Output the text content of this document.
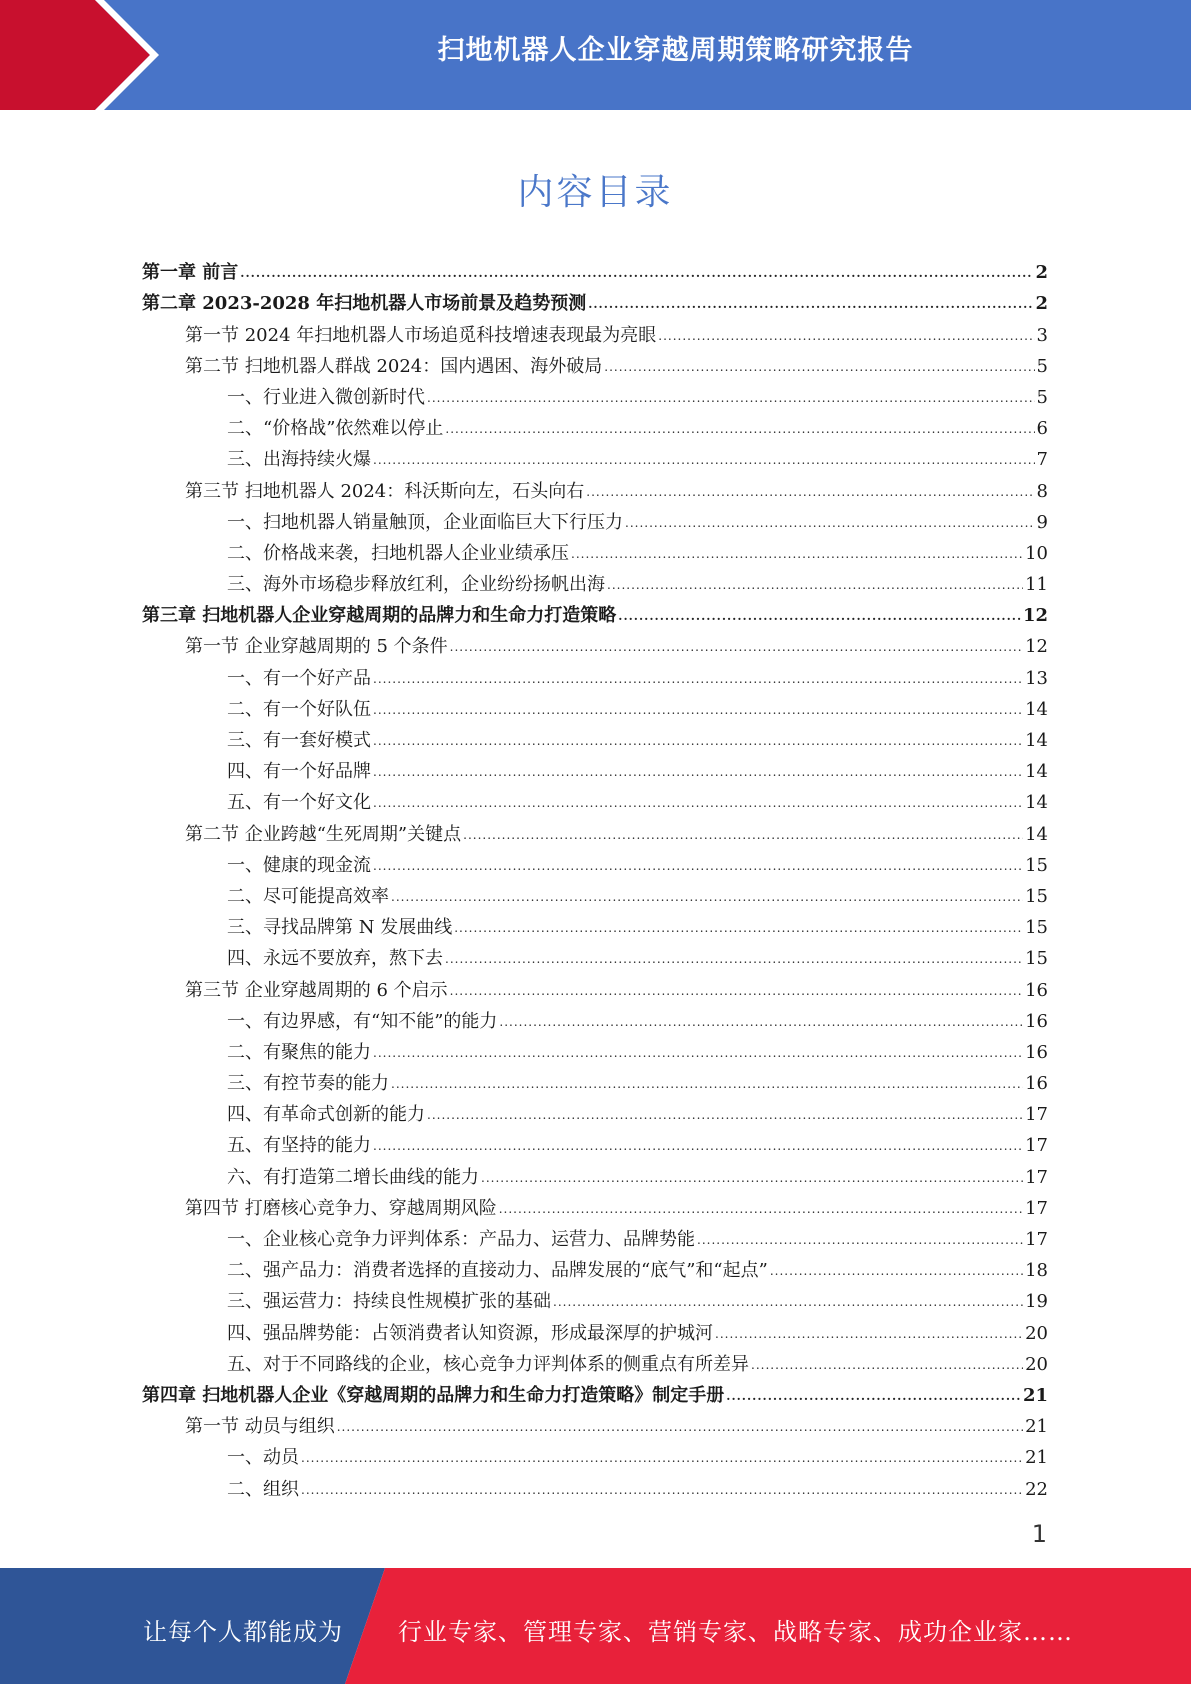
扫地机器人企业穿越周期策略研究报告
内容目录
第一章 前言 .....	2
第二章 2023-2028 年扫地机器人市场前景及趋势预测 .....	2
第一节 2024 年扫地机器人市场追觅科技增速表现最为亮眼 .....	3
第二节 扫地机器人群战 2024：国内遇困、海外破局 .....	5
一、行业进入微创新时代 .....	5
二、“价格战”依然难以停止 .....	6
三、出海持续火爆 .....	7
第三节 扫地机器人 2024：科沃斯向左，石头向右 .....	8
一、扫地机器人销量触顶，企业面临巨大下行压力 .....	9
二、价格战来袭，扫地机器人企业业绩承压 .....	10
三、海外市场稳步释放红利，企业纷纷扬帆出海 .....	11
第三章 扫地机器人企业穿越周期的品牌力和生命力打造策略 .....	12
第一节 企业穿越周期的 5 个条件 .....	12
一、有一个好产品 .....	13
二、有一个好队伍 .....	14
三、有一套好模式 .....	14
四、有一个好品牌 .....	14
五、有一个好文化 .....	14
第二节 企业跨越“生死周期”关键点 .....	14
一、健康的现金流 .....	15
二、尽可能提高效率 .....	15
三、寻找品牌第 N 发展曲线 .....	15
四、永远不要放弃，熬下去 .....	15
第三节 企业穿越周期的 6 个启示 .....	16
一、有边界感，有“知不能”的能力 .....	16
二、有聚焦的能力 .....	16
三、有控节奏的能力 .....	16
四、有革命式创新的能力 .....	17
五、有坚持的能力 .....	17
六、有打造第二增长曲线的能力 .....	17
第四节 打磨核心竞争力、穿越周期风险 .....	17
一、企业核心竞争力评判体系：产品力、运营力、品牌势能 .....	17
二、强产品力：消费者选择的直接动力、品牌发展的“底气”和“起点” .....	18
三、强运营力：持续良性规模扩张的基础 .....	19
四、强品牌势能：占领消费者认知资源，形成最深厚的护城河 .....	20
五、对于不同路线的企业，核心竞争力评判体系的侧重点有所差异 .....	20
第四章 扫地机器人企业《穿越周期的品牌力和生命力打造策略》制定手册 .....	21
第一节 动员与组织 .....	21
一、动员 .....	21
二、组织 .....	22
1
让每个人都能成为 行业专家、管理专家、营销专家、战略专家、成功企业家……
